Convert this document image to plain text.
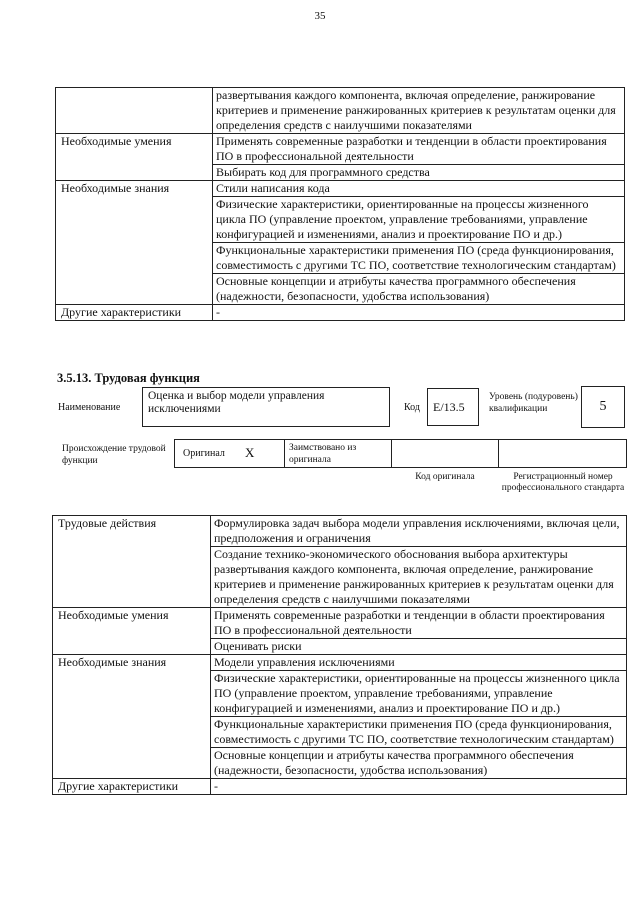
35
	развертывания каждого компонента, включая определение, ранжирование критериев и применение ранжированных критериев к результатам оценки для определения средств с наилучшими показателями
Необходимые умения	Применять современные разработки и тенденции в области проектирования ПО в профессиональной деятельности
	Выбирать код для программного средства
Необходимые знания	Стили написания кода
	Физические характеристики, ориентированные на процессы жизненного цикла ПО (управление проектом, управление требованиями, управление конфигурацией и изменениями, анализ и проектирование ПО и др.)
	Функциональные характеристики применения ПО (среда функционирования, совместимость с другими ТС ПО, соответствие технологическим стандартам)
	Основные концепции и атрибуты качества программного обеспечения (надежности, безопасности, удобства использования)
Другие характеристики	-
3.5.13. Трудовая функция
Наименование
Оценка и выбор модели управления исключениями	Код E/13.5
Уровень (подуровень) квалификации	5
Происхождение трудовой функции
Оригинал X	Заимствовано из оригинала
Код оригинала	Регистрационный номер профессионального стандарта
Трудовые действия	Формулировка задач выбора модели управления исключениями, включая цели, предположения и ограничения
	Создание технико-экономического обоснования выбора архитектуры развертывания каждого компонента, включая определение, ранжирование критериев и применение ранжированных критериев к результатам оценки для определения средств с наилучшими показателями
Необходимые умения	Применять современные разработки и тенденции в области проектирования ПО в профессиональной деятельности
	Оценивать риски
Необходимые знания	Модели управления исключениями
	Физические характеристики, ориентированные на процессы жизненного цикла ПО (управление проектом, управление требованиями, управление конфигурацией и изменениями, анализ и проектирование ПО и др.)
	Функциональные характеристики применения ПО (среда функционирования, совместимость с другими ТС ПО, соответствие технологическим стандартам)
	Основные концепции и атрибуты качества программного обеспечения (надежности, безопасности, удобства использования)
Другие характеристики	-
